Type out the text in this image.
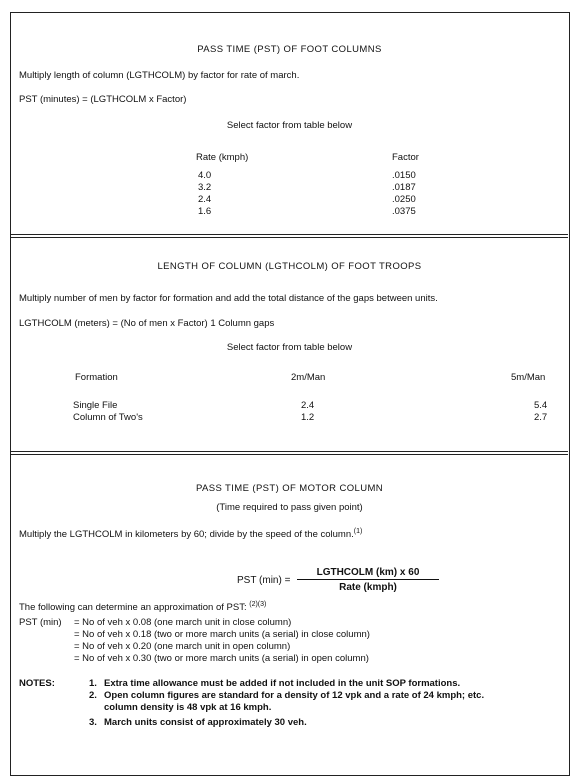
PASS TIME (PST) OF FOOT COLUMNS
Multiply length of column (LGTHCOLM) by factor for rate of march.
PST (minutes) = (LGTHCOLM x Factor)
Select factor from table below
Rate (kmph)	Factor
4.0	.0150
3.2	.0187
2.4	.0250
1.6	.0375
LENGTH OF COLUMN (LGTHCOLM) OF FOOT TROOPS
Multiply number of men by factor for formation and add the total distance of the gaps between units.
LGTHCOLM (meters) = (No of men x Factor) 1 Column gaps
Select factor from table below
Formation	2m/Man	5m/Man
Single File	2.4	5.4
Column of Two's	1.2	2.7
PASS TIME (PST) OF MOTOR COLUMN
(Time required to pass given point)
Multiply the LGTHCOLM in kilometers by 60; divide by the speed of the column.$^{(1)}$
PST (min) =
LGTHCOLM (km) x 60
Rate (kmph)
The following can determine an approximation of PST: $^{(2)(3)}$
PST (min) = No of veh x 0.08 (one march unit in close column)
= No of veh x 0.18 (two or more march units (a serial) in close column)
= No of veh x 0.20 (one march unit in open column)
= No of veh x 0.30 (two or more march units (a serial) in open column)
NOTES:	1. Extra time allowance must be added if not included in the unit SOP formations.
2. Open column figures are standard for a density of 12 vpk and a rate of 24 kmph; etc.
column density is 48 vpk at 16 kmph.
3. March units consist of approximately 30 veh.
